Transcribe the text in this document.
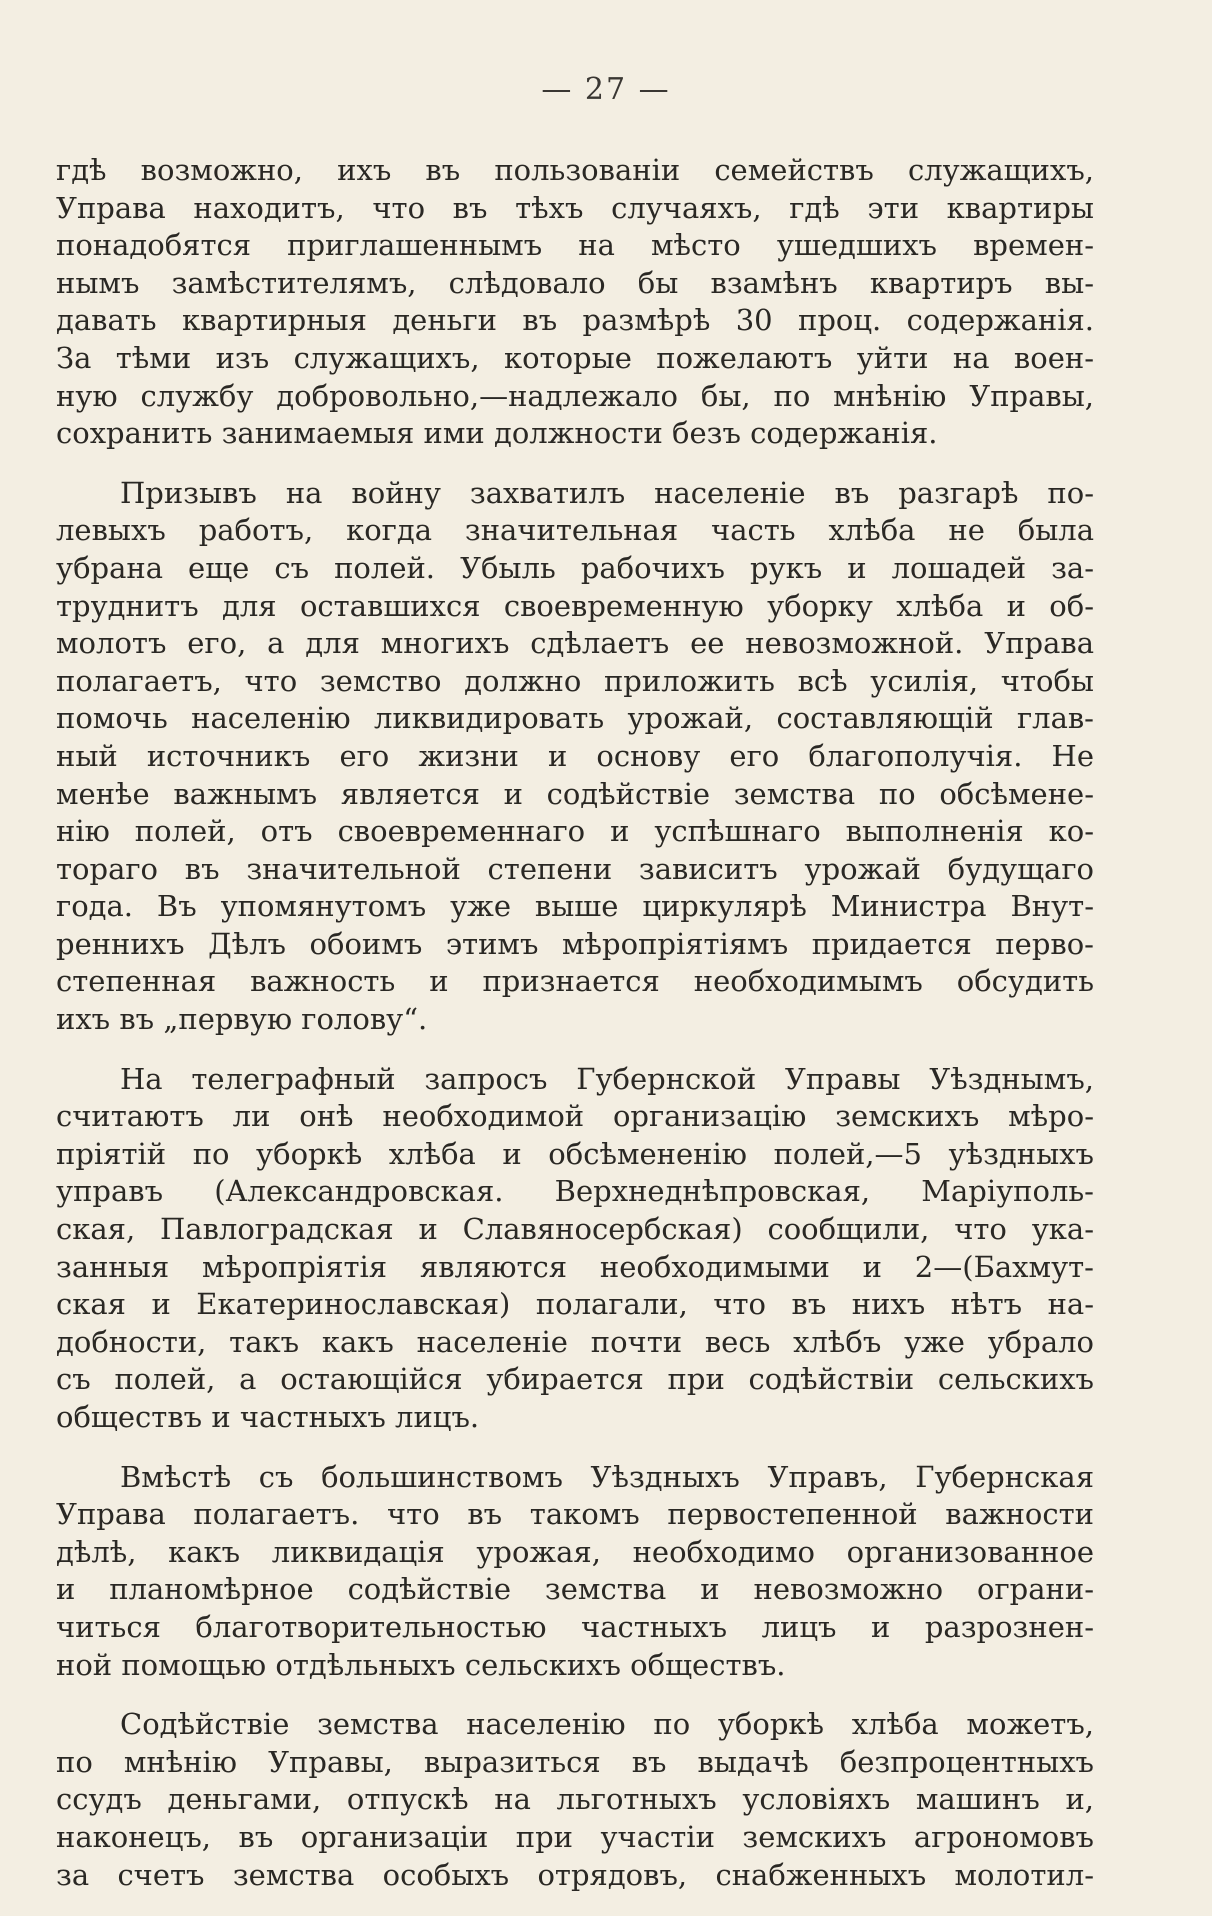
— 27 —
гдѣ возможно, ихъ въ пользованіи семействъ служащихъ,
Управа находитъ, что въ тѣхъ случаяхъ, гдѣ эти квартиры
понадобятся приглашеннымъ на мѣсто ушедшихъ времен-
нымъ замѣстителямъ, слѣдовало бы взамѣнъ квартиръ вы-
давать квартирныя деньги въ размѣрѣ 30 проц. содержанія.
За тѣми изъ служащихъ, которые пожелаютъ уйти на воен-
ную службу добровольно,—надлежало бы, по мнѣнію Управы,
сохранить занимаемыя ими должности безъ содержанія.
Призывъ на войну захватилъ населеніе въ разгарѣ по-
левыхъ работъ, когда значительная часть хлѣба не была
убрана еще съ полей. Убыль рабочихъ рукъ и лошадей за-
труднитъ для оставшихся своевременную уборку хлѣба и об-
молотъ его, а для многихъ сдѣлаетъ ее невозможной. Управа
полагаетъ, что земство должно приложить всѣ усилія, чтобы
помочь населенію ликвидировать урожай, составляющій глав-
ный источникъ его жизни и основу его благополучія. Не
менѣе важнымъ является и содѣйствіе земства по обсѣмене-
нію полей, отъ своевременнаго и успѣшнаго выполненія ко-
тораго въ значительной степени зависитъ урожай будущаго
года. Въ упомянутомъ уже выше циркулярѣ Министра Внут-
реннихъ Дѣлъ обоимъ этимъ мѣропріятіямъ придается перво-
степенная важность и признается необходимымъ обсудить
ихъ въ „первую голову“.
На телеграфный запросъ Губернской Управы Уѣзднымъ,
считаютъ ли онѣ необходимой организацію земскихъ мѣро-
пріятій по уборкѣ хлѣба и обсѣмененію полей,—5 уѣздныхъ
управъ (Александровская. Верхнеднѣпровская, Маріуполь-
ская, Павлоградская и Славяносербская) сообщили, что ука-
занныя мѣропріятія являются необходимыми и 2—(Бахмут-
ская и Екатеринославская) полагали, что въ нихъ нѣтъ на-
добности, такъ какъ населеніе почти весь хлѣбъ уже убрало
съ полей, а остающійся убирается при содѣйствіи сельскихъ
обществъ и частныхъ лицъ.
Вмѣстѣ съ большинствомъ Уѣздныхъ Управъ, Губернская
Управа полагаетъ. что въ такомъ первостепенной важности
дѣлѣ, какъ ликвидація урожая, необходимо организованное
и планомѣрное содѣйствіе земства и невозможно ограни-
читься благотворительностью частныхъ лицъ и разрознен-
ной помощью отдѣльныхъ сельскихъ обществъ.
Содѣйствіе земства населенію по уборкѣ хлѣба можетъ,
по мнѣнію Управы, выразиться въ выдачѣ безпроцентныхъ
ссудъ деньгами, отпускѣ на льготныхъ условіяхъ машинъ и,
наконецъ, въ организаціи при участіи земскихъ агрономовъ
за счетъ земства особыхъ отрядовъ, снабженныхъ молотил-
